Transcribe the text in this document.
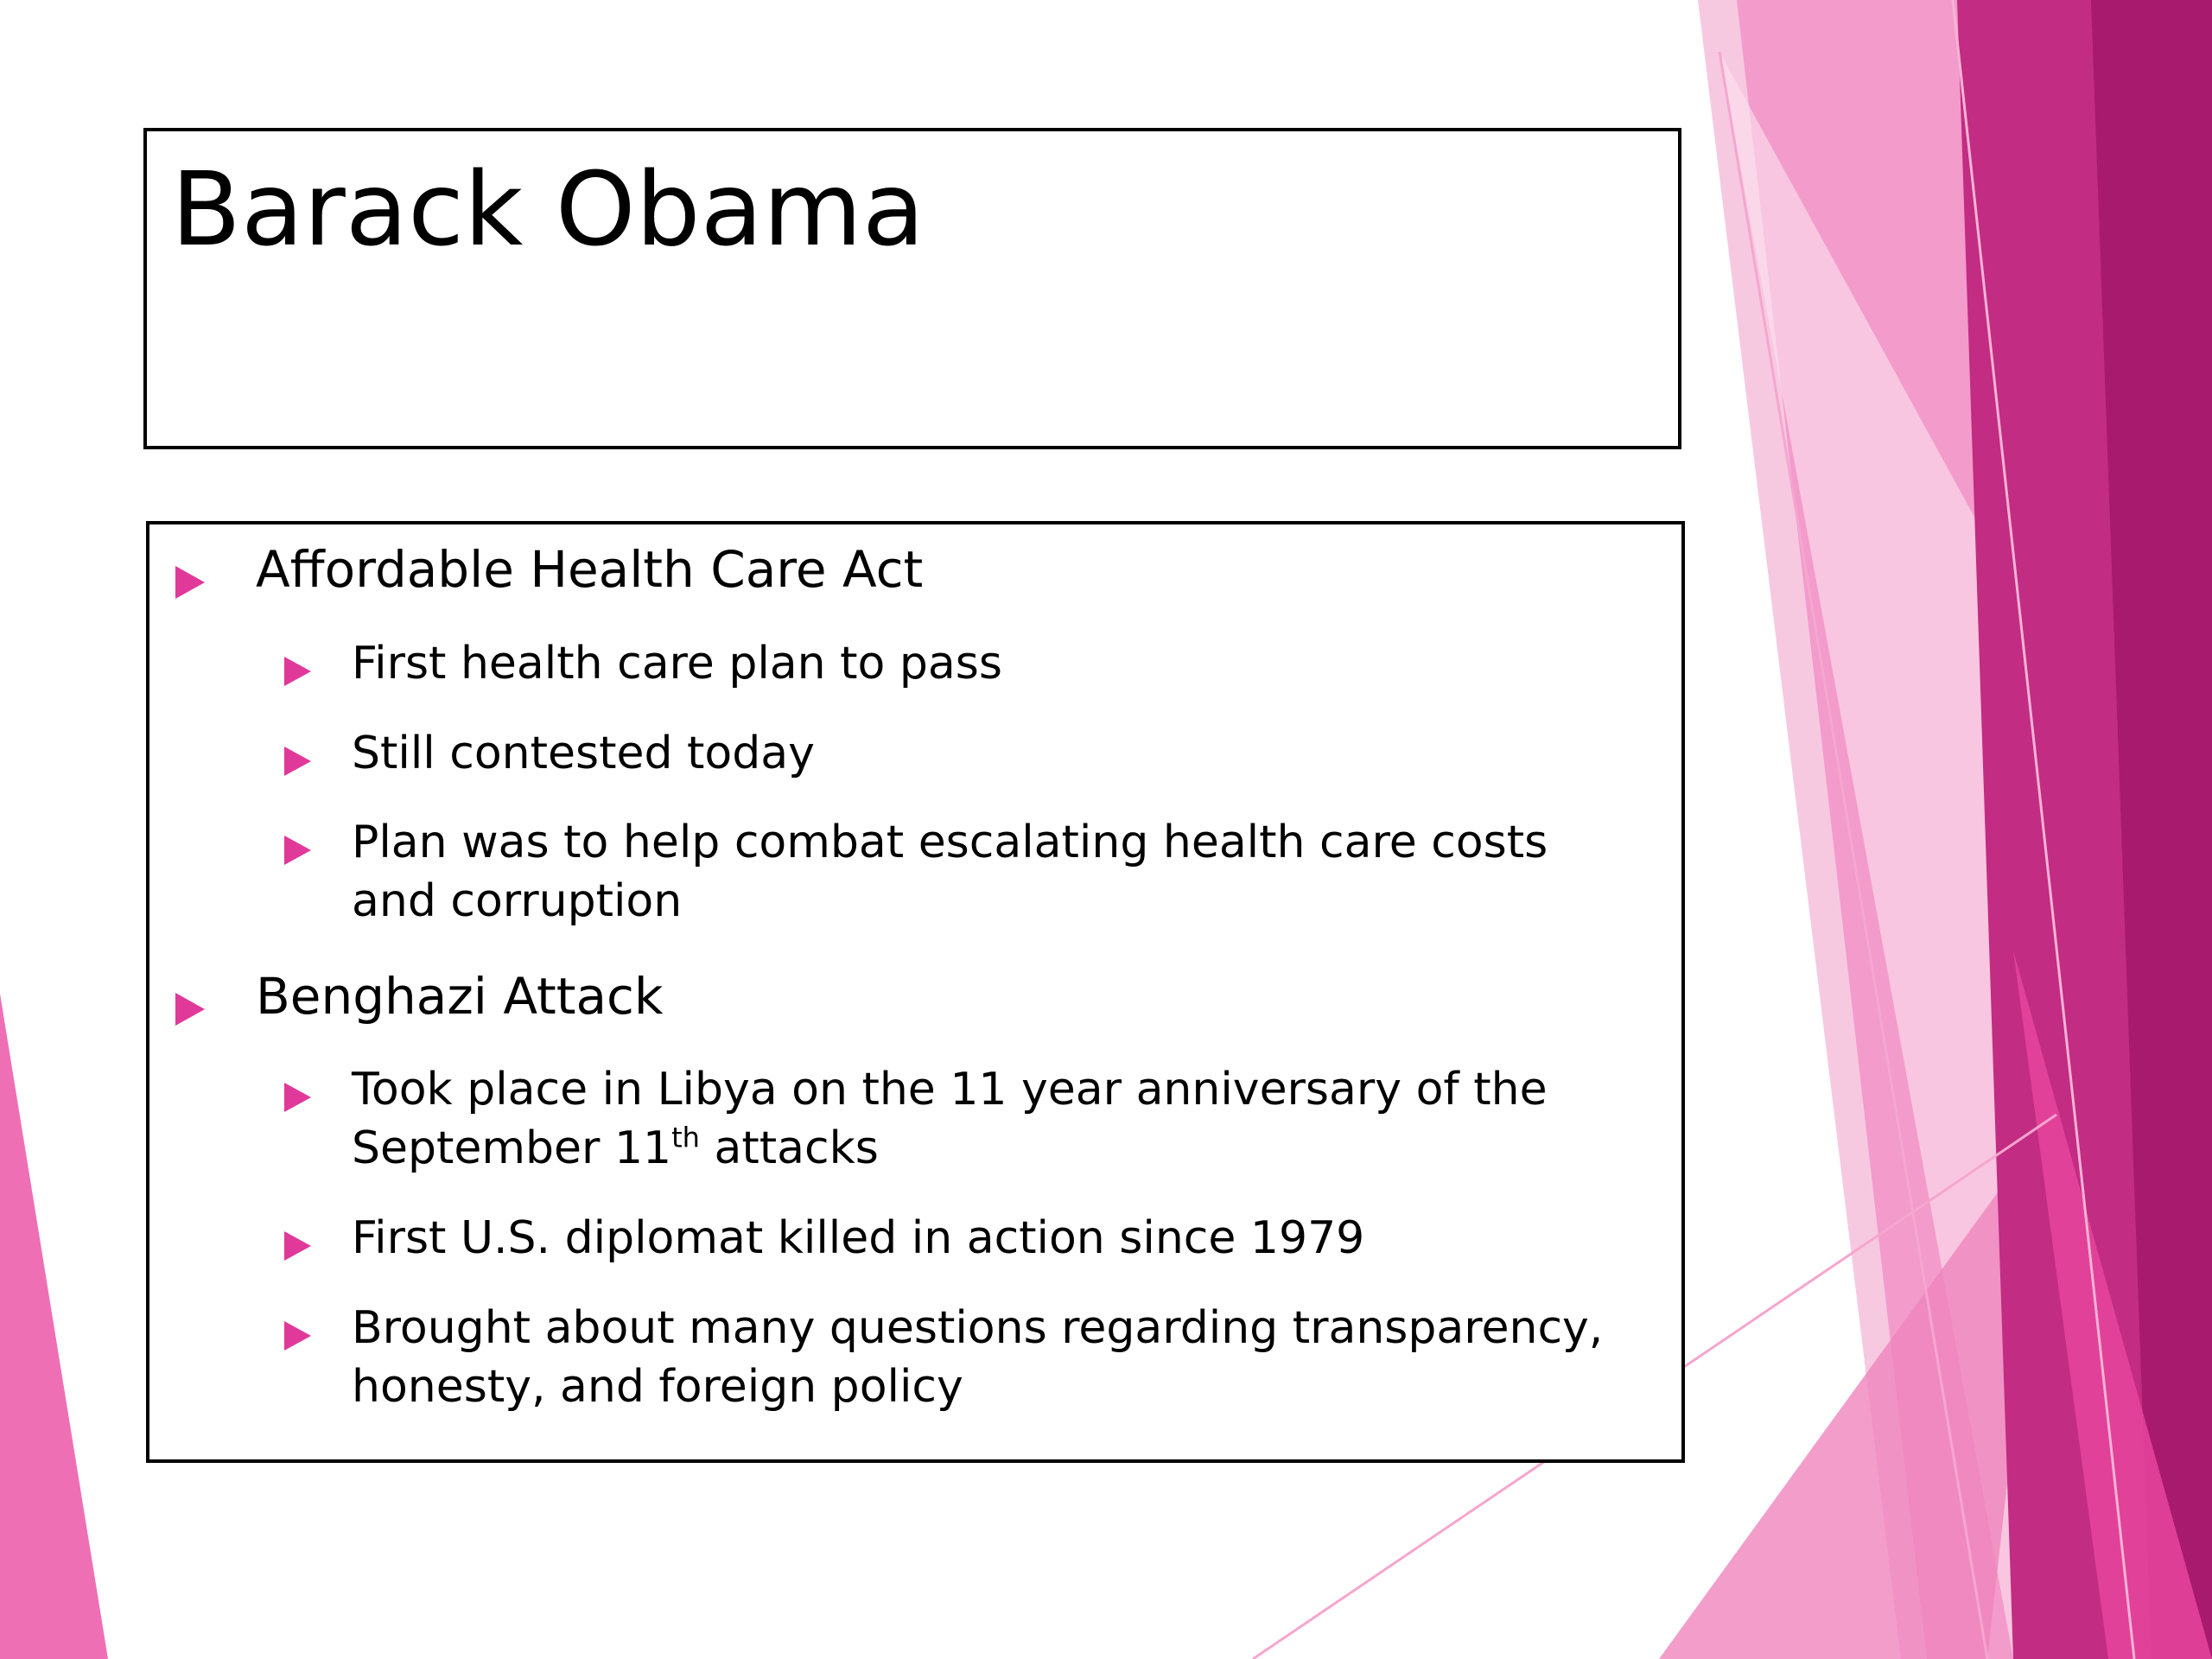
Barack Obama
Affordable Health Care Act
First health care plan to pass
Still contested today
Plan was to help combat escalating health care costs and corruption
Benghazi Attack
Took place in Libya on the 11 year anniversary of the September 11th attacks
First U.S. diplomat killed in action since 1979
Brought about many questions regarding transparency, honesty, and foreign policy
